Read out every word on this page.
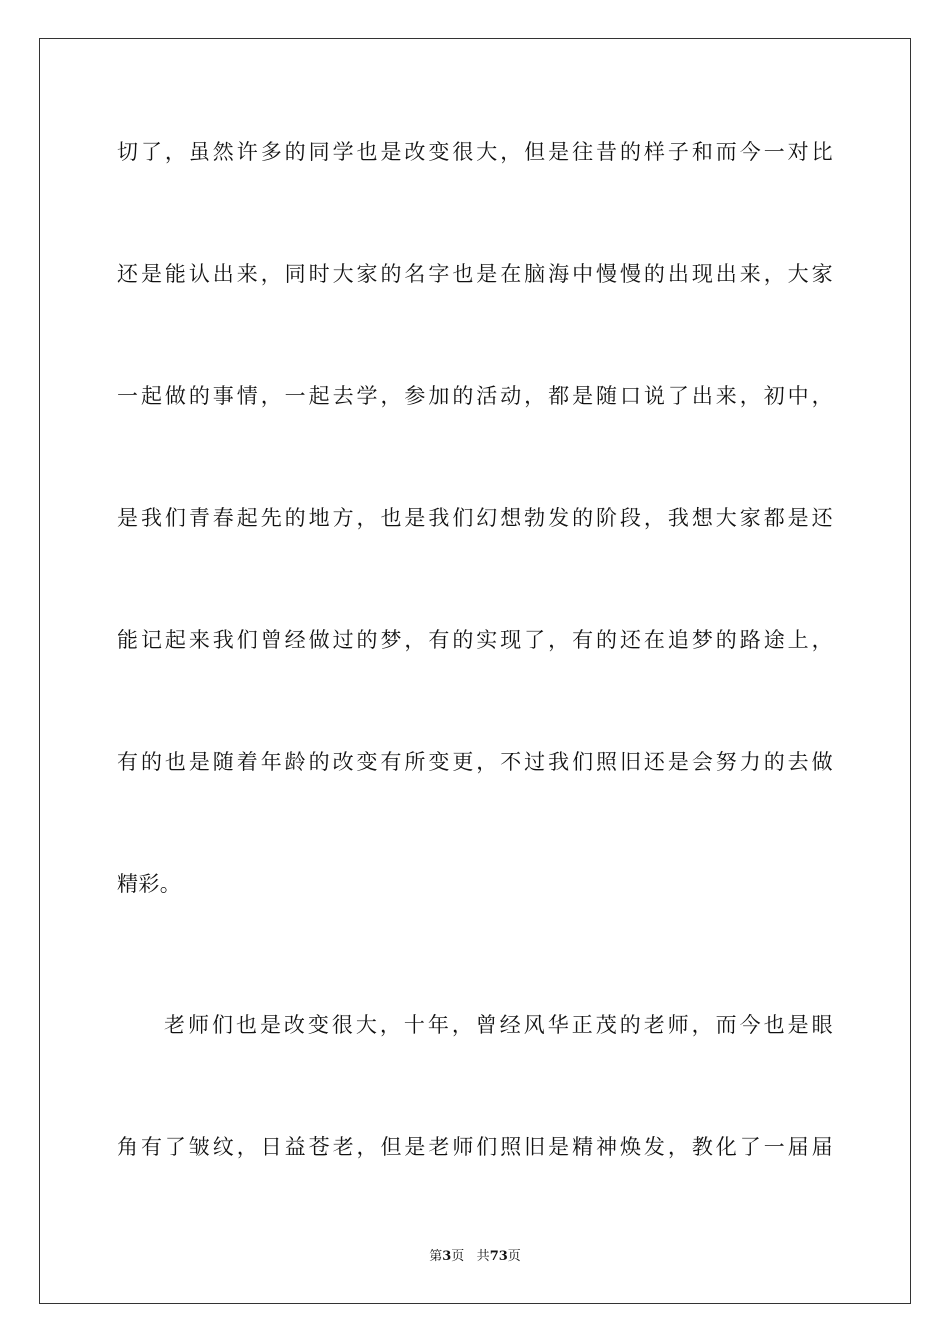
切了，虽然许多的同学也是改变很大，但是往昔的样子和而今一对比
还是能认出来，同时大家的名字也是在脑海中慢慢的出现出来，大家
一起做的事情，一起去学，参加的活动，都是随口说了出来，初中，
是我们青春起先的地方，也是我们幻想勃发的阶段，我想大家都是还
能记起来我们曾经做过的梦，有的实现了，有的还在追梦的路途上，
有的也是随着年龄的改变有所变更，不过我们照旧还是会努力的去做
精彩。
老师们也是改变很大，十年，曾经风华正茂的老师，而今也是眼
角有了皱纹，日益苍老，但是老师们照旧是精神焕发，教化了一届届
第3页 共73页
